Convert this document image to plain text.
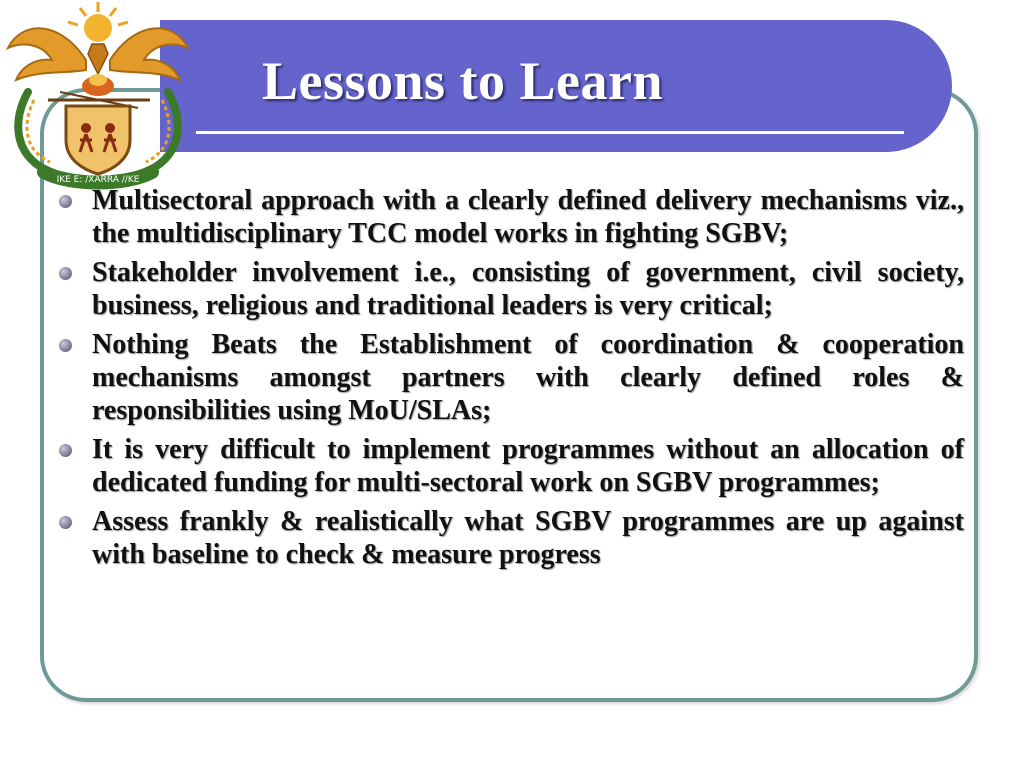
Lessons to Learn
IKE E: /XARRA //KE
Multisectoral approach with a clearly defined delivery mechanisms viz., the multidisciplinary TCC model works in fighting SGBV;
Stakeholder involvement i.e., consisting of government, civil society, business, religious and traditional leaders is very critical;
Nothing Beats the Establishment of coordination & cooperation mechanisms amongst partners with clearly defined roles & responsibilities using MoU/SLAs;
It is very difficult to implement programmes without an allocation of dedicated funding for multi-sectoral work on SGBV programmes;
Assess frankly & realistically what SGBV programmes are up against with baseline to check & measure progress
